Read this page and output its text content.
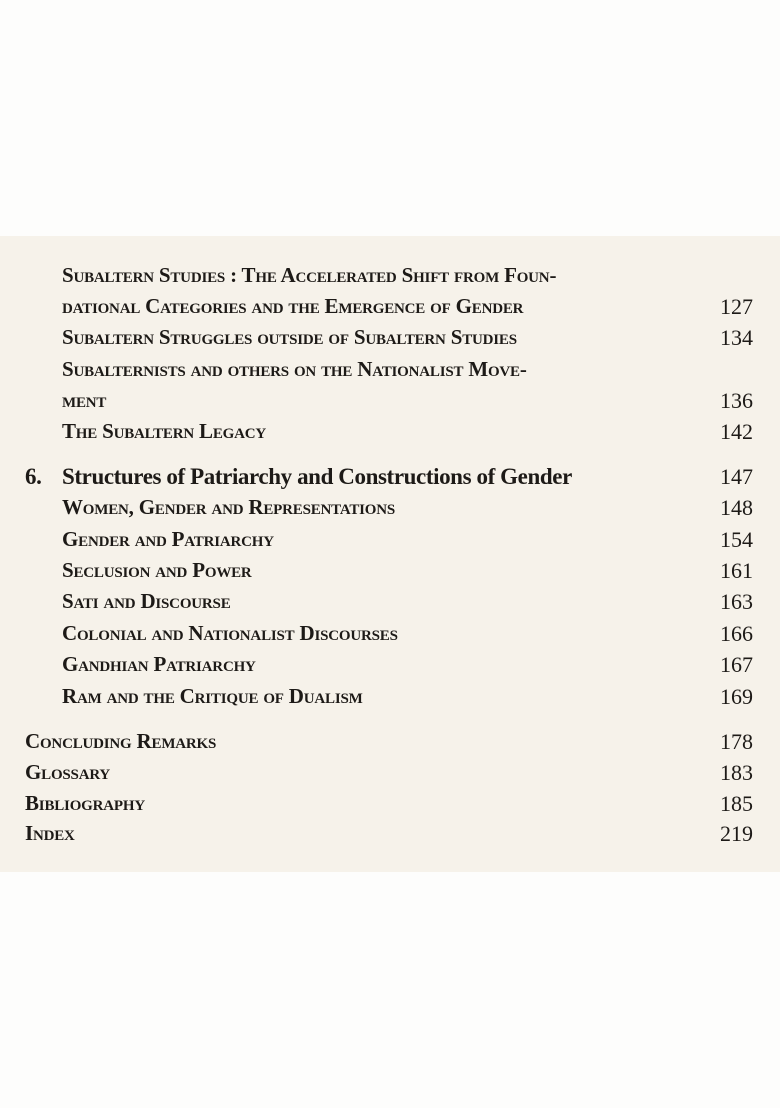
Subaltern Studies : The Accelerated Shift from Foun-
dational Categories and the Emergence of Gender	127
Subaltern Struggles outside of Subaltern Studies	134
Subalternists and others on the Nationalist Move-
ment	136
The Subaltern Legacy	142
6. Structures of Patriarchy and Constructions of Gender	147
Women, Gender and Representations	148
Gender and Patriarchy	154
Seclusion and Power	161
Sati and Discourse	163
Colonial and Nationalist Discourses	166
Gandhian Patriarchy	167
Ram and the Critique of Dualism	169
Concluding Remarks	178
Glossary	183
Bibliography	185
Index	219
